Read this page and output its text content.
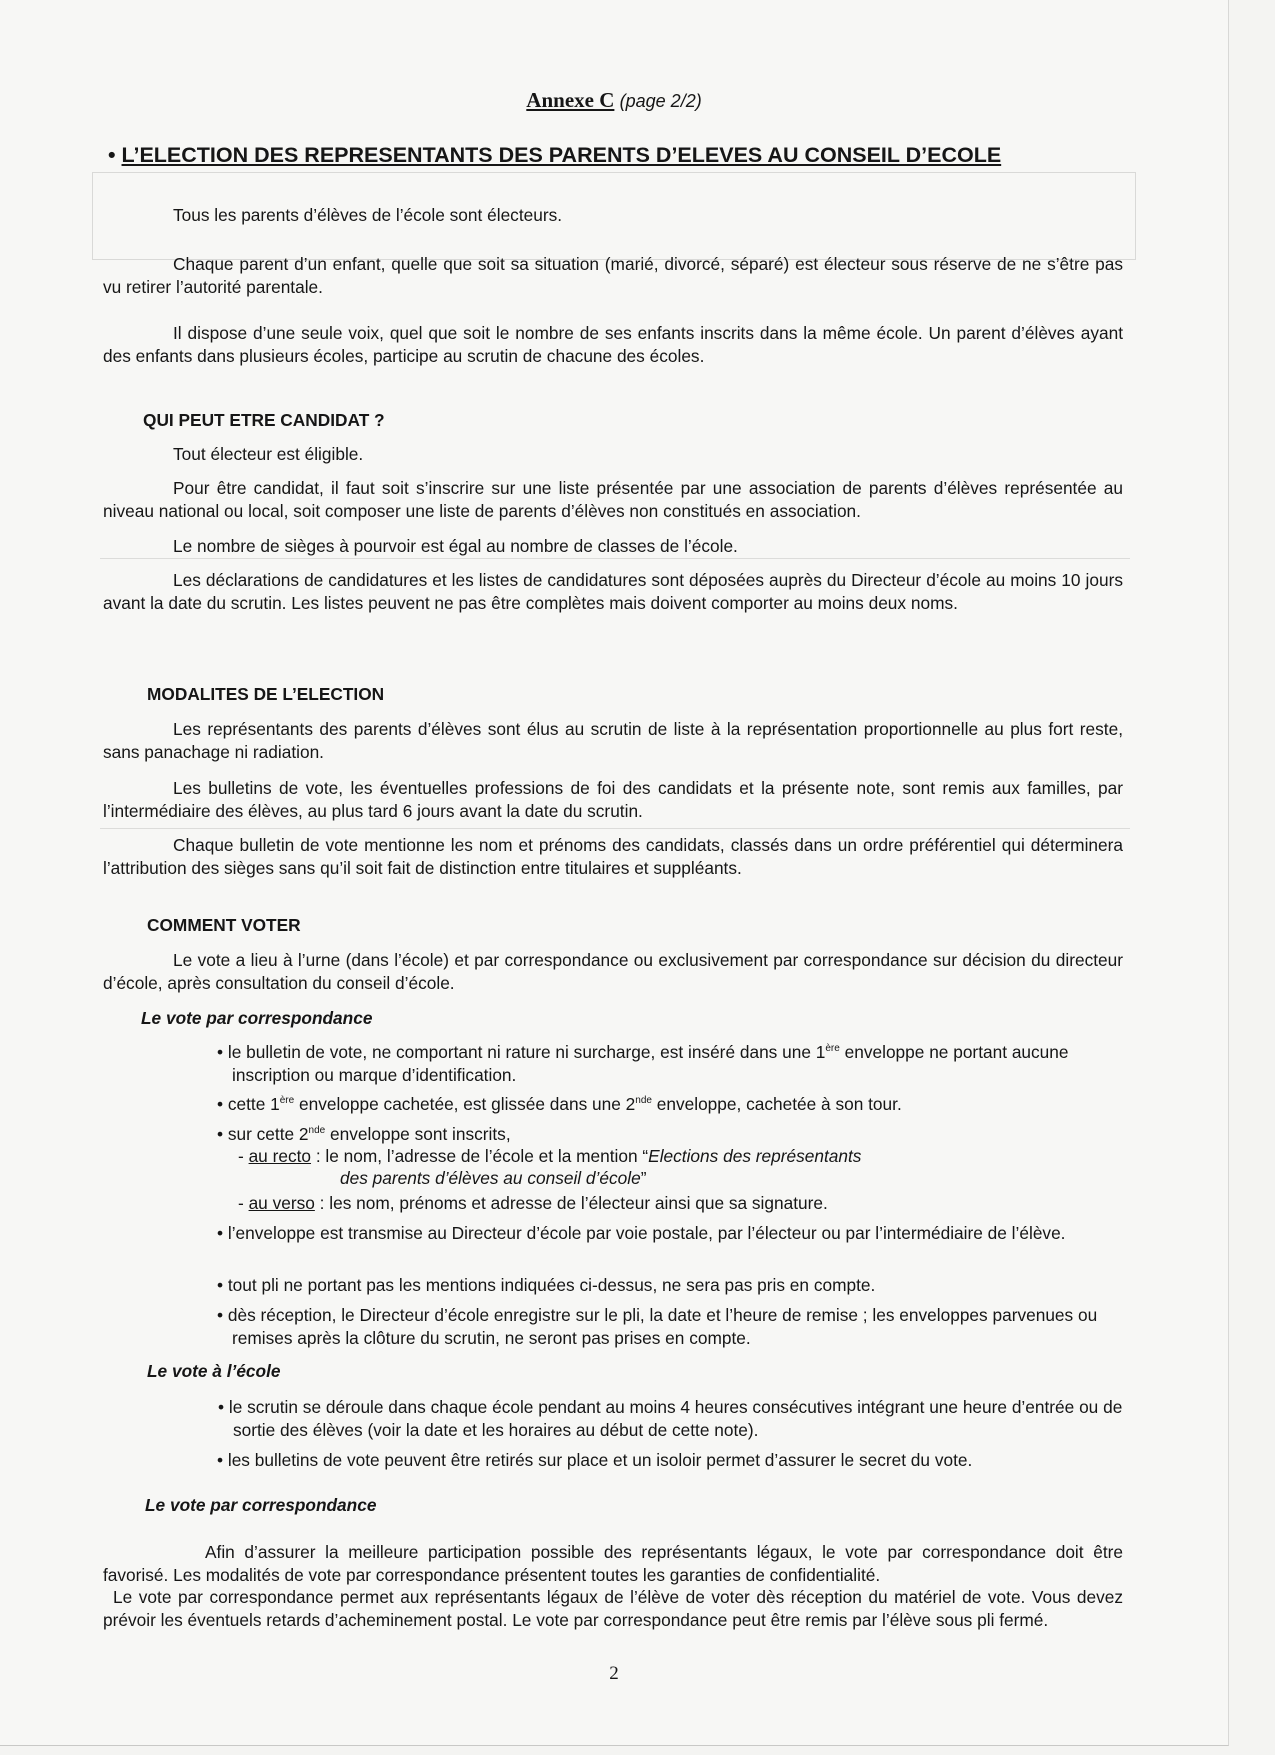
Annexe C (page 2/2)
• L’ELECTION DES REPRESENTANTS DES PARENTS D’ELEVES AU CONSEIL D’ECOLE

Tous les parents d’élèves de l’école sont électeurs.

Chaque parent d’un enfant, quelle que soit sa situation (marié, divorcé, séparé) est électeur sous réserve de ne s’être pas vu retirer l’autorité parentale.

Il dispose d’une seule voix, quel que soit le nombre de ses enfants inscrits dans la même école. Un parent d’élèves ayant des enfants dans plusieurs écoles, participe au scrutin de chacune des écoles.

QUI PEUT ETRE CANDIDAT ?

Tout électeur est éligible.

Pour être candidat, il faut soit s’inscrire sur une liste présentée par une association de parents d’élèves représentée au niveau national ou local, soit composer une liste de parents d’élèves non constitués en association.

Le nombre de sièges à pourvoir est égal au nombre de classes de l’école.

Les déclarations de candidatures et les listes de candidatures sont déposées auprès du Directeur d’école au moins 10 jours avant la date du scrutin. Les listes peuvent ne pas être complètes mais doivent comporter au moins deux noms.

MODALITES DE L’ELECTION

Les représentants des parents d’élèves sont élus au scrutin de liste à la représentation proportionnelle au plus fort reste, sans panachage ni radiation.

Les bulletins de vote, les éventuelles professions de foi des candidats et la présente note, sont remis aux familles, par l’intermédiaire des élèves, au plus tard 6 jours avant la date du scrutin.

Chaque bulletin de vote mentionne les nom et prénoms des candidats, classés dans un ordre préférentiel qui déterminera l’attribution des sièges sans qu’il soit fait de distinction entre titulaires et suppléants.

COMMENT VOTER

Le vote a lieu à l’urne (dans l’école) et par correspondance ou exclusivement par correspondance sur décision du directeur d’école, après consultation du conseil d’école.

Le vote par correspondance

• le bulletin de vote, ne comportant ni rature ni surcharge, est inséré dans une 1ère enveloppe ne portant aucune inscription ou marque d’identification.

• cette 1ère enveloppe cachetée, est glissée dans une 2nde enveloppe, cachetée à son tour.

• sur cette 2nde enveloppe sont inscrits,

- au recto : le nom, l’adresse de l’école et la mention “Elections des représentants

des parents d’élèves au conseil d’école”

- au verso : les nom, prénoms et adresse de l’électeur ainsi que sa signature.

• l’enveloppe est transmise au Directeur d’école par voie postale, par l’électeur ou par l’intermédiaire de l’élève.

• tout pli ne portant pas les mentions indiquées ci-dessus, ne sera pas pris en compte.

• dès réception, le Directeur d’école enregistre sur le pli, la date et l’heure de remise ; les enveloppes parvenues ou remises après la clôture du scrutin, ne seront pas prises en compte.

Le vote à l’école

• le scrutin se déroule dans chaque école pendant au moins 4 heures consécutives intégrant une heure d’entrée ou de sortie des élèves (voir la date et les horaires au début de cette note).

• les bulletins de vote peuvent être retirés sur place et un isoloir permet d’assurer le secret du vote.

Le vote par correspondance

Afin d’assurer la meilleure participation possible des représentants légaux, le vote par correspondance doit être favorisé. Les modalités de vote par correspondance présentent toutes les garanties de confidentialité.

Le vote par correspondance permet aux représentants légaux de l’élève de voter dès réception du matériel de vote. Vous devez prévoir les éventuels retards d’acheminement postal. Le vote par correspondance peut être remis par l’élève sous pli fermé.

2
